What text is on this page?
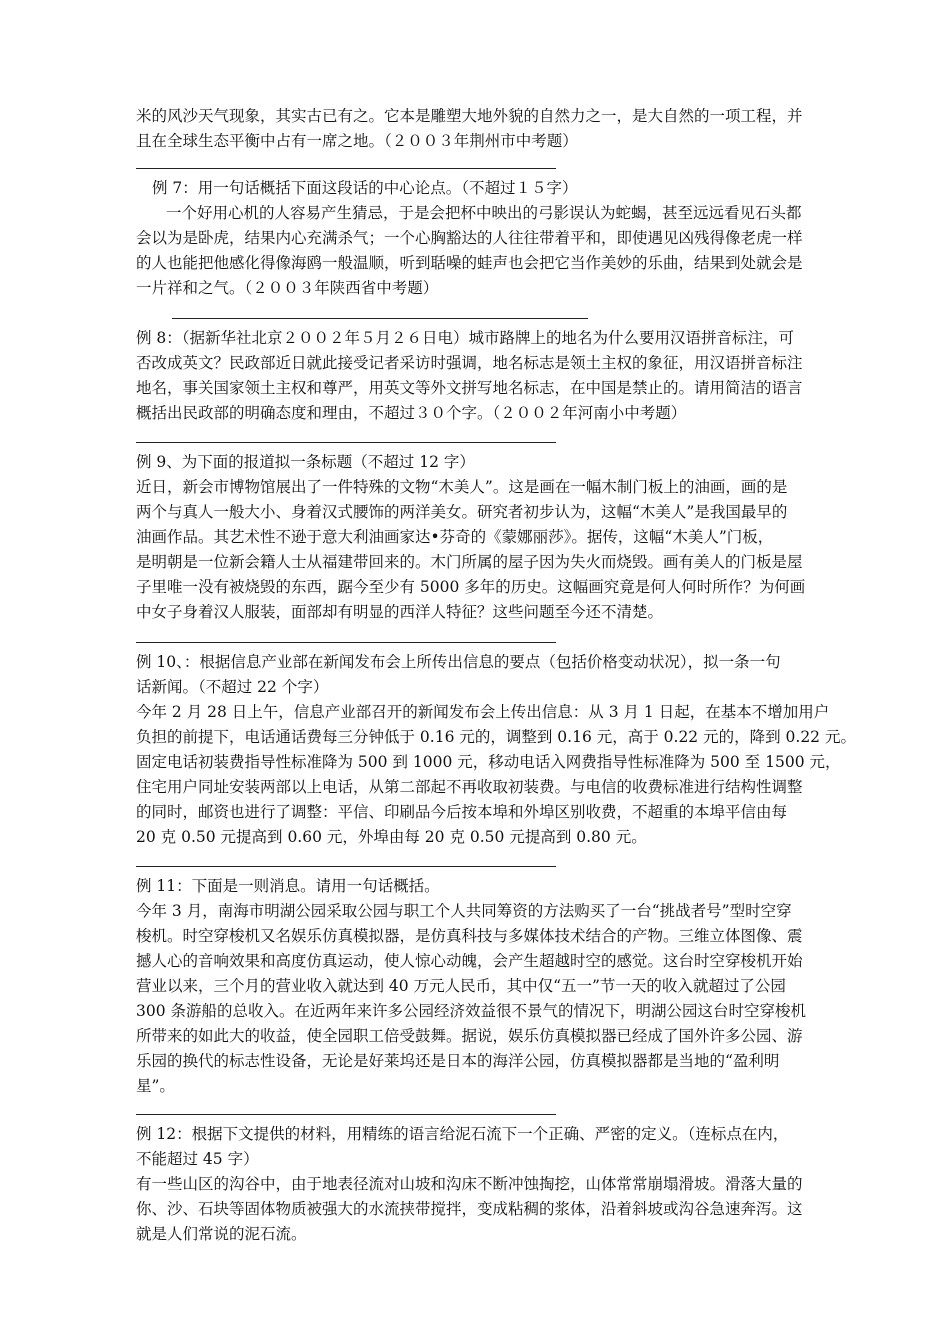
米的风沙天气现象，其实古已有之。它本是雕塑大地外貌的自然力之一，是大自然的一项工程，并
且在全球生态平衡中占有一席之地。（２００３年荆州市中考题）
例 7：用一句话概括下面这段话的中心论点。（不超过１５字）
一个好用心机的人容易产生猜忌，于是会把杯中映出的弓影误认为蛇蝎，甚至远远看见石头都
会以为是卧虎，结果内心充满杀气；一个心胸豁达的人往往带着平和，即使遇见凶残得像老虎一样
的人也能把他感化得像海鸥一般温顺，听到聒噪的蛙声也会把它当作美妙的乐曲，结果到处就会是
一片祥和之气。（２００３年陕西省中考题）
例 8：（据新华社北京２００２年５月２６日电）城市路牌上的地名为什么要用汉语拼音标注，可
否改成英文？民政部近日就此接受记者采访时强调，地名标志是领土主权的象征，用汉语拼音标注
地名，事关国家领土主权和尊严，用英文等外文拼写地名标志，在中国是禁止的。请用简洁的语言
概括出民政部的明确态度和理由，不超过３０个字。（２００２年河南小中考题）
例 9、为下面的报道拟一条标题（不超过 12 字）
近日，新会市博物馆展出了一件特殊的文物“木美人”。这是画在一幅木制门板上的油画，画的是
两个与真人一般大小、身着汉式腰饰的两洋美女。研究者初步认为，这幅“木美人”是我国最早的
油画作品。其艺术性不逊于意大利油画家达•芬奇的《蒙娜丽莎》。据传，这幅“木美人”门板，
是明朝是一位新会籍人士从福建带回来的。木门所属的屋子因为失火而烧毁。画有美人的门板是屋
子里唯一没有被烧毁的东西，踞今至少有 5000 多年的历史。这幅画究竟是何人何时所作？为何画
中女子身着汉人服装，面部却有明显的西洋人特征？这些问题至今还不清楚。
例 10、：根据信息产业部在新闻发布会上所传出信息的要点（包括价格变动状况），拟一条一句
话新闻。（不超过 22 个字）
今年 2 月 28 日上午，信息产业部召开的新闻发布会上传出信息：从 3 月 1 日起，在基本不增加用户
负担的前提下，电话通话费每三分钟低于 0.16 元的，调整到 0.16 元，高于 0.22 元的，降到 0.22 元。
固定电话初装费指导性标准降为 500 到 1000 元，移动电话入网费指导性标准降为 500 至 1500 元，
住宅用户同址安装两部以上电话，从第二部起不再收取初装费。与电信的收费标准进行结构性调整
的同时，邮资也进行了调整：平信、印刷品今后按本埠和外埠区别收费，不超重的本埠平信由每
20 克 0.50 元提高到 0.60 元，外埠由每 20 克 0.50 元提高到 0.80 元。
例 11：下面是一则消息。请用一句话概括。
今年 3 月，南海市明湖公园采取公园与职工个人共同筹资的方法购买了一台“挑战者号”型时空穿
梭机。时空穿梭机又名娱乐仿真模拟器，是仿真科技与多媒体技术结合的产物。三维立体图像、震
撼人心的音响效果和高度仿真运动，使人惊心动魄，会产生超越时空的感觉。这台时空穿梭机开始
营业以来，三个月的营业收入就达到 40 万元人民币，其中仅“五一”节一天的收入就超过了公园
300 条游船的总收入。在近两年来许多公园经济效益很不景气的情况下，明湖公园这台时空穿梭机
所带来的如此大的收益，使全园职工倍受鼓舞。据说，娱乐仿真模拟器已经成了国外许多公园、游
乐园的换代的标志性设备，无论是好莱坞还是日本的海洋公园，仿真模拟器都是当地的“盈利明
星”。
例 12：根据下文提供的材料，用精练的语言给泥石流下一个正确、严密的定义。（连标点在内，
不能超过 45 字）
有一些山区的沟谷中，由于地表径流对山坡和沟床不断冲蚀掏挖，山体常常崩塌滑坡。滑落大量的
你、沙、石块等固体物质被强大的水流挟带搅拌，变成粘稠的浆体，沿着斜坡或沟谷急速奔泻。这
就是人们常说的泥石流。
